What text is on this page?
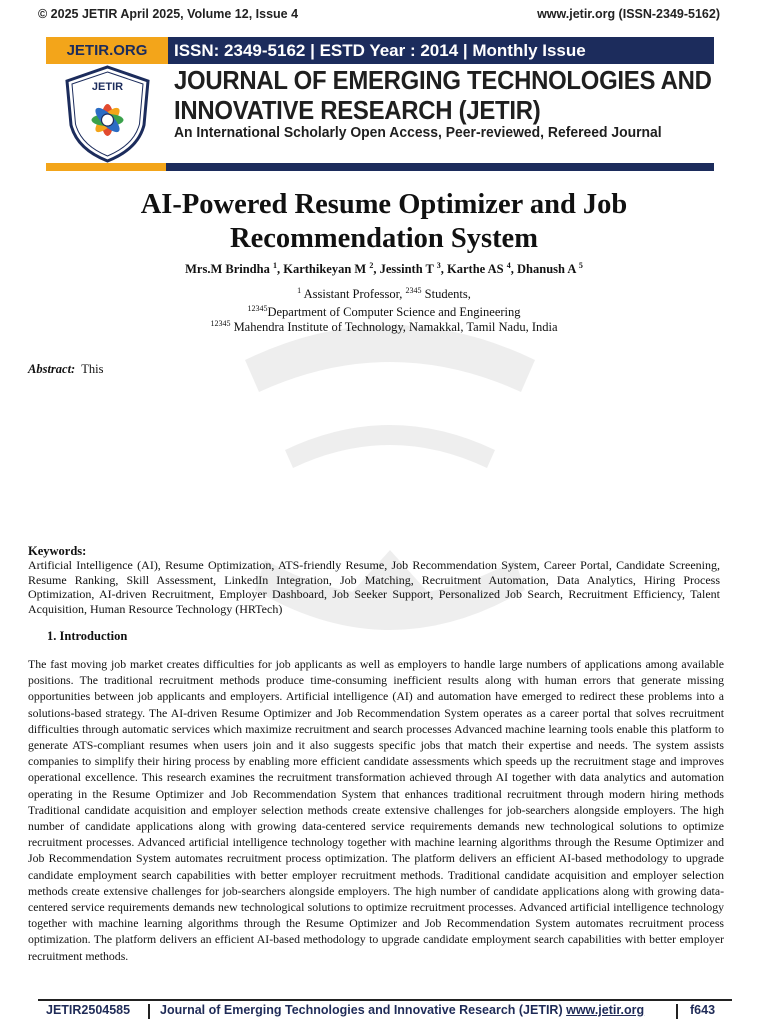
© 2025 JETIR April 2025, Volume 12, Issue 4	www.jetir.org (ISSN-2349-5162)
JETIR.ORG	ISSN: 2349-5162 | ESTD Year : 2014 | Monthly Issue
JETIR JOURNAL OF EMERGING TECHNOLOGIES AND
INNOVATIVE RESEARCH (JETIR)
An International Scholarly Open Access, Peer-reviewed, Refereed Journal
AI-Powered Resume Optimizer and Job
Recommendation System
Mrs.M Brindha $^1$, Karthikeyan M $^2$, Jessinth T $^3$, Karthe AS $^4$, Dhanush A $^5$
$^1$ Assistant Professor, $^{2345}$ Students,
$^{12345}$Department of Computer Science and Engineering
$^{12345}$ Mahendra Institute of Technology, Namakkal, Tamil Nadu, India
Abstract: This
Keywords:
Artificial Intelligence (AI), Resume Optimization, ATS-friendly Resume, Job Recommendation System, Career Portal, Candidate Screening, Resume Ranking, Skill Assessment, LinkedIn Integration, Job Matching, Recruitment Automation, Data Analytics, Hiring Process Optimization, AI-driven Recruitment, Employer Dashboard, Job Seeker Support, Personalized Job Search, Recruitment Efficiency, Talent Acquisition, Human Resource Technology (HRTech)
1. Introduction
The fast moving job market creates difficulties for job applicants as well as employers to handle large numbers of applications among available positions. The traditional recruitment methods produce time-consuming inefficient results along with human errors that generate missing opportunities between job applicants and employers. Artificial intelligence (AI) and automation have emerged to redirect these problems into a solutions-based strategy. The AI-driven Resume Optimizer and Job Recommendation System operates as a career portal that solves recruitment difficulties through automatic services which maximize recruitment and search processes Advanced machine learning tools enable this platform to generate ATS-compliant resumes when users join and it also suggests specific jobs that match their expertise and needs. The system assists companies to simplify their hiring process by enabling more efficient candidate assessments which speeds up the recruitment stage and improves operational excellence. This research examines the recruitment transformation achieved through AI together with data analytics and automation operating in the Resume Optimizer and Job Recommendation System that enhances traditional recruitment through modern hiring methods Traditional candidate acquisition and employer selection methods create extensive challenges for job-searchers alongside employers. The high number of candidate applications along with growing data-centered service requirements demands new technological solutions to optimize recruitment processes. Advanced artificial intelligence technology together with machine learning algorithms through the Resume Optimizer and Job Recommendation System automates recruitment process optimization. The platform delivers an efficient AI-based methodology to upgrade candidate employment search capabilities with better employer recruitment methods. Traditional candidate acquisition and employer selection methods create extensive challenges for job-searchers alongside employers. The high number of candidate applications along with growing data-centered service requirements demands new technological solutions to optimize recruitment processes. Advanced artificial intelligence technology together with machine learning algorithms through the Resume Optimizer and Job Recommendation System automates recruitment process optimization. The platform delivers an efficient AI-based methodology to upgrade candidate employment search capabilities with better employer recruitment methods.
JETIR2504585 Journal of Emerging Technologies and Innovative Research (JETIR) www.jetir.org	f643
